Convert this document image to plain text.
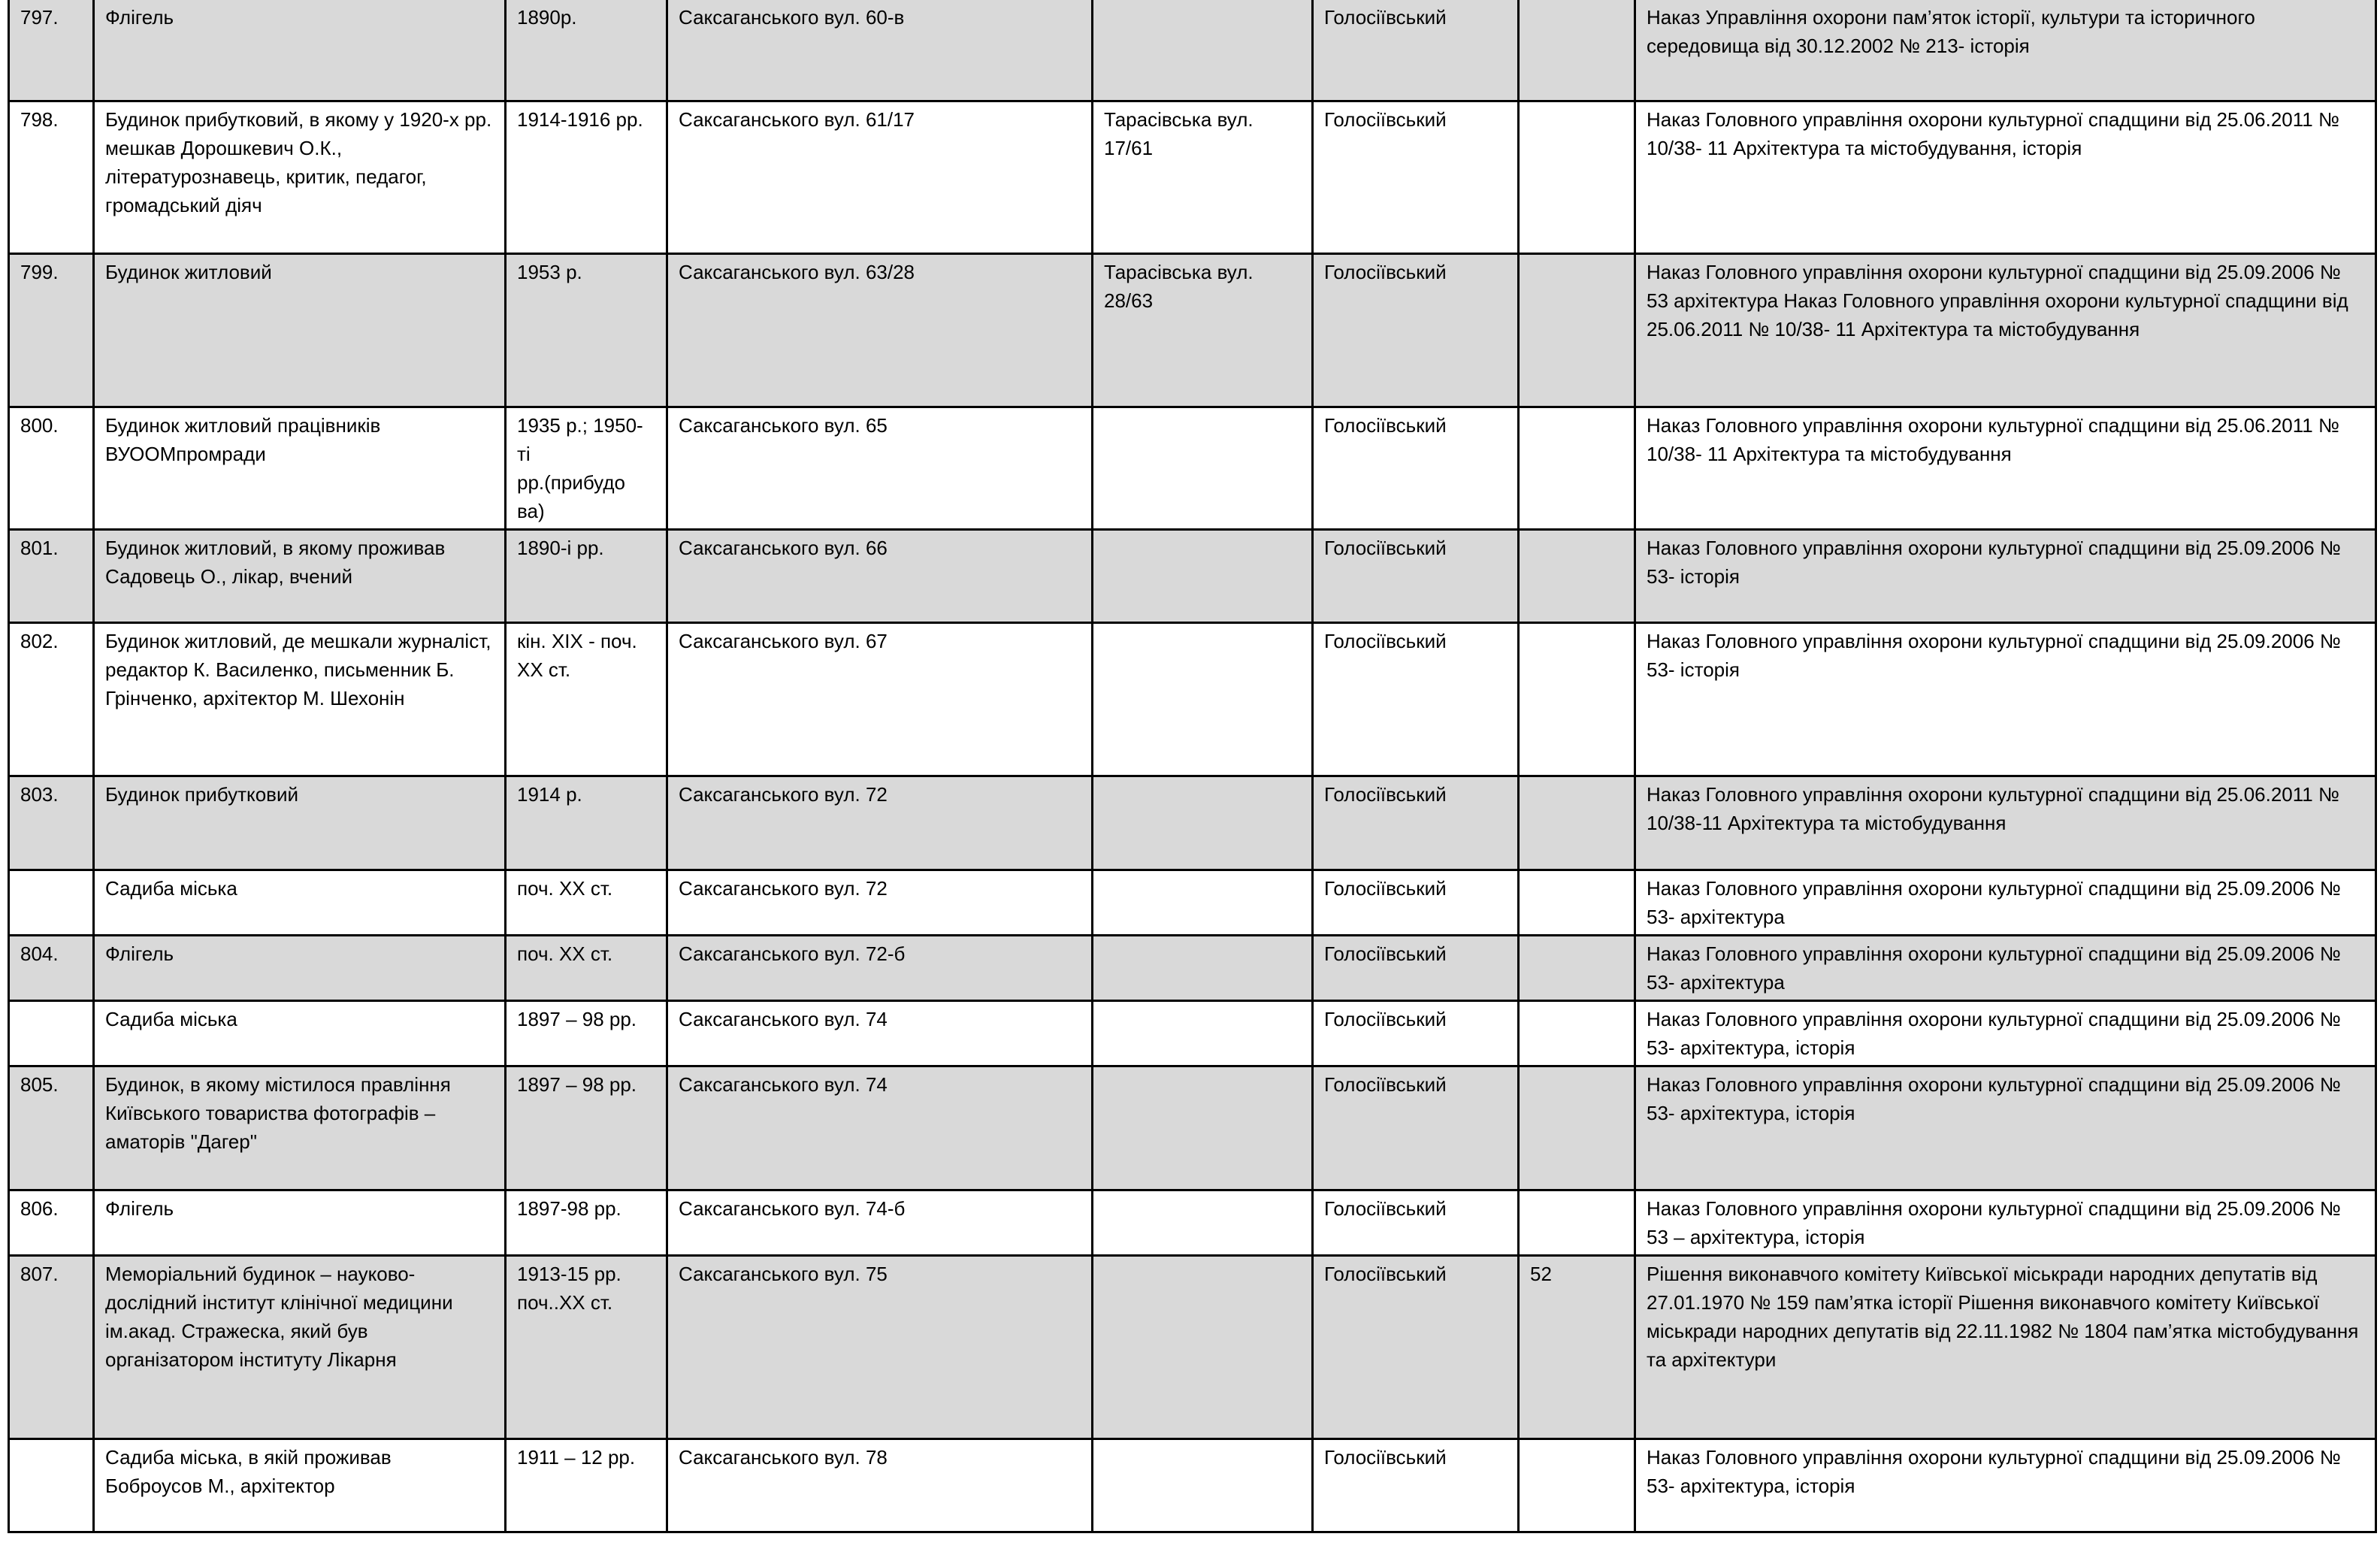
797.	Флігель	1890р.	Саксаганського вул. 60-в		Голосіївський		Наказ Управління охорони пам’яток історії, культури та історичного середовища від 30.12.2002 № 213- історія
798.	Будинок прибутковий, в якому у 1920-х рр. мешкав Дорошкевич О.К., літературознавець, критик, педагог, громадський діяч	1914-1916 рр.	Саксаганського вул. 61/17	Тарасівська вул. 17/61	Голосіївський		Наказ Головного управління охорони культурної спадщини від 25.06.2011 № 10/38- 11 Архітектура та містобудування, історія
799.	Будинок житловий	1953 р.	Саксаганського вул. 63/28	Тарасівська вул. 28/63	Голосіївський		Наказ Головного управління охорони культурної спадщини від 25.09.2006 № 53 архітектура Наказ Головного управління охорони культурної спадщини від 25.06.2011 № 10/38- 11 Архітектура та містобудування
800.	Будинок житловий працівників ВУООМпромради	1935 р.; 1950-
ті
рр.(прибудо
ва)	Саксаганського вул. 65		Голосіївський		Наказ Головного управління охорони культурної спадщини від 25.06.2011 № 10/38- 11 Архітектура та містобудування
801.	Будинок житловий, в якому проживав Садовець О., лікар, вчений	1890-і рр.	Саксаганського вул. 66		Голосіївський		Наказ Головного управління охорони культурної спадщини від 25.09.2006 № 53- історія
802.	Будинок житловий, де мешкали журналіст, редактор К. Василенко, письменник Б. Грінченко, архітектор М. Шехонін	кін. ХІХ - поч. ХХ ст.	Саксаганського вул. 67		Голосіївський		Наказ Головного управління охорони культурної спадщини від 25.09.2006 № 53- історія
803.	Будинок прибутковий	1914 р.	Саксаганського вул. 72		Голосіївський		Наказ Головного управління охорони культурної спадщини від 25.06.2011 № 10/38-11 Архітектура та містобудування
	Садиба міська	поч. ХХ ст.	Саксаганського вул. 72		Голосіївський		Наказ Головного управління охорони культурної спадщини від 25.09.2006 № 53- архітектура
804.	Флігель	поч. ХХ ст.	Саксаганського вул. 72-б		Голосіївський		Наказ Головного управління охорони культурної спадщини від 25.09.2006 № 53- архітектура
	Садиба міська	1897 – 98 рр.	Саксаганського вул. 74		Голосіївський		Наказ Головного управління охорони культурної спадщини від 25.09.2006 № 53- архітектура, історія
805.	Будинок, в якому містилося правління Київського товариства фотографів – аматорів "Дагер"	1897 – 98 рр.	Саксаганського вул. 74		Голосіївський		Наказ Головного управління охорони культурної спадщини від 25.09.2006 № 53- архітектура, історія
806.	Флігель	1897-98 рр.	Саксаганського вул. 74-б		Голосіївський		Наказ Головного управління охорони культурної спадщини від 25.09.2006 № 53 – архітектура, історія
807.	Меморіальний будинок – науково-дослідний інститут клінічної медицини ім.акад. Стражеска, який був організатором інституту Лікарня	1913-15 рр.
поч..ХХ ст.	Саксаганського вул. 75		Голосіївський	52	Рішення виконавчого комітету Київської міськради народних депутатів від 27.01.1970 № 159 пам’ятка історії Рішення виконавчого комітету Київської міськради народних депутатів від 22.11.1982 № 1804 пам’ятка містобудування та архітектури
	Садиба міська, в якій проживав Боброусов М., архітектор	1911 – 12 рр.	Саксаганського вул. 78		Голосіївський		Наказ Головного управління охорони культурної спадщини від 25.09.2006 № 53- архітектура, історія
